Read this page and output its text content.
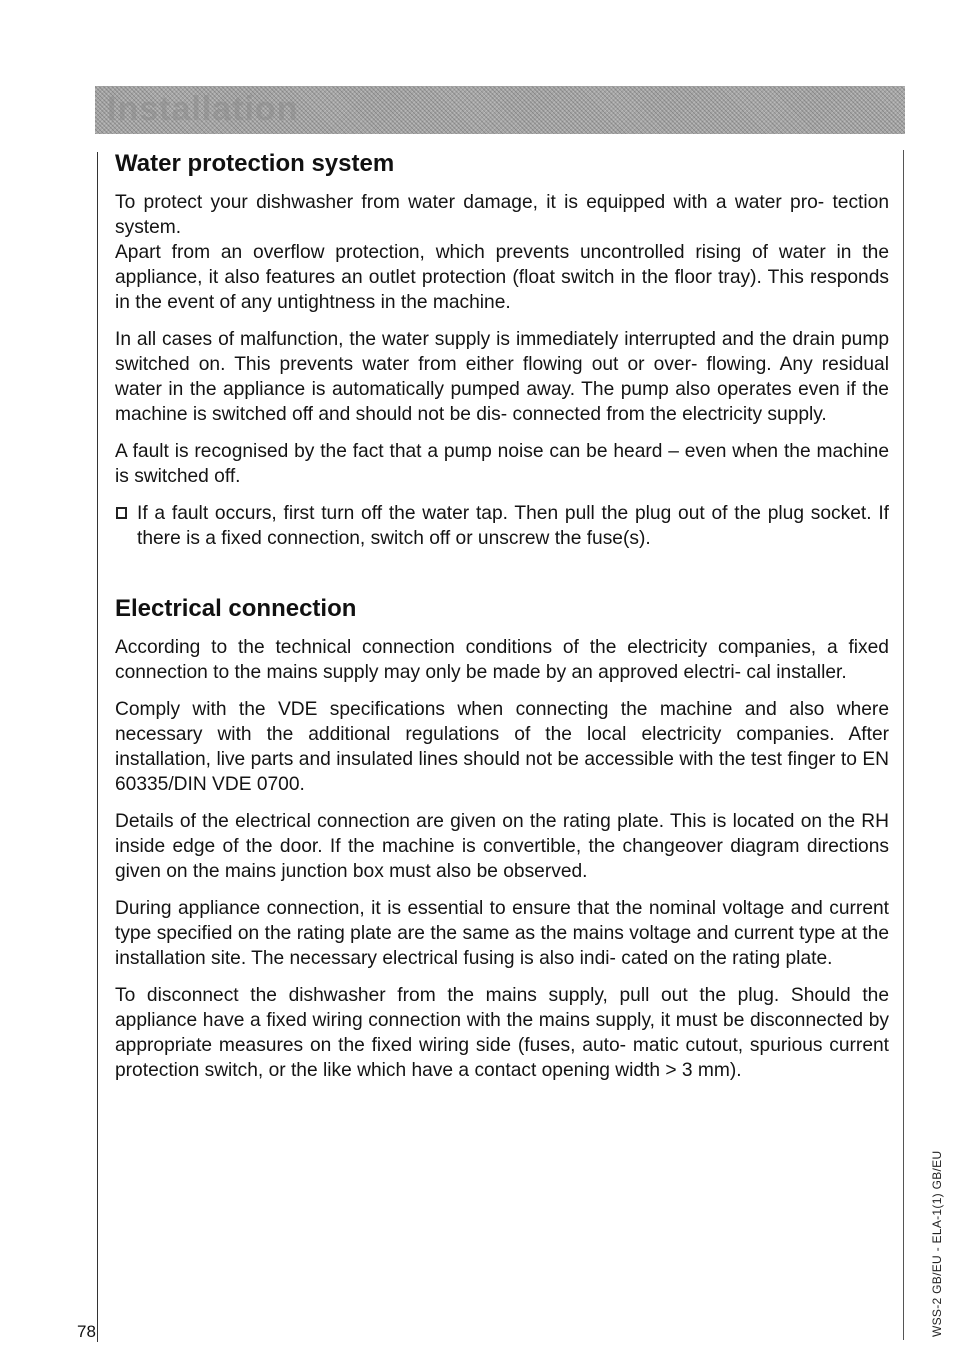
Installation
Water protection system

To protect your dishwasher from water damage, it is equipped with a water pro- tection system.
Apart from an overflow protection, which prevents uncontrolled rising of water in the appliance, it also features an outlet protection (float switch in the floor tray). This responds in the event of any untightness in the machine.

In all cases of malfunction, the water supply is immediately interrupted and the drain pump switched on. This prevents water from either flowing out or over- flowing. Any residual water in the appliance is automatically pumped away. The pump also operates even if the machine is switched off and should not be dis- connected from the electricity supply.

A fault is recognised by the fact that a pump noise can be heard – even when the machine is switched off.

If a fault occurs, first turn off the water tap. Then pull the plug out of the plug socket. If there is a fixed connection, switch off or unscrew the fuse(s).
Electrical connection

According to the technical connection conditions of the electricity companies, a fixed connection to the mains supply may only be made by an approved electri- cal installer.

Comply with the VDE specifications when connecting the machine and also where necessary with the additional regulations of the local electricity companies. After installation, live parts and insulated lines should not be accessible with the test finger to EN 60335/DIN VDE 0700.

Details of the electrical connection are given on the rating plate. This is located on the RH inside edge of the door. If the machine is convertible, the changeover diagram directions given on the mains junction box must also be observed.

During appliance connection, it is essential to ensure that the nominal voltage and current type specified on the rating plate are the same as the mains voltage and current type at the installation site. The necessary electrical fusing is also indi- cated on the rating plate.

To disconnect the dishwasher from the mains supply, pull out the plug. Should the appliance have a fixed wiring connection with the mains supply, it must be disconnected by appropriate measures on the fixed wiring side (fuses, auto- matic cutout, spurious current protection switch, or the like which have a contact opening width > 3 mm).

78	WSS-2 GB/EU - ELA-1(1) GB/EU
